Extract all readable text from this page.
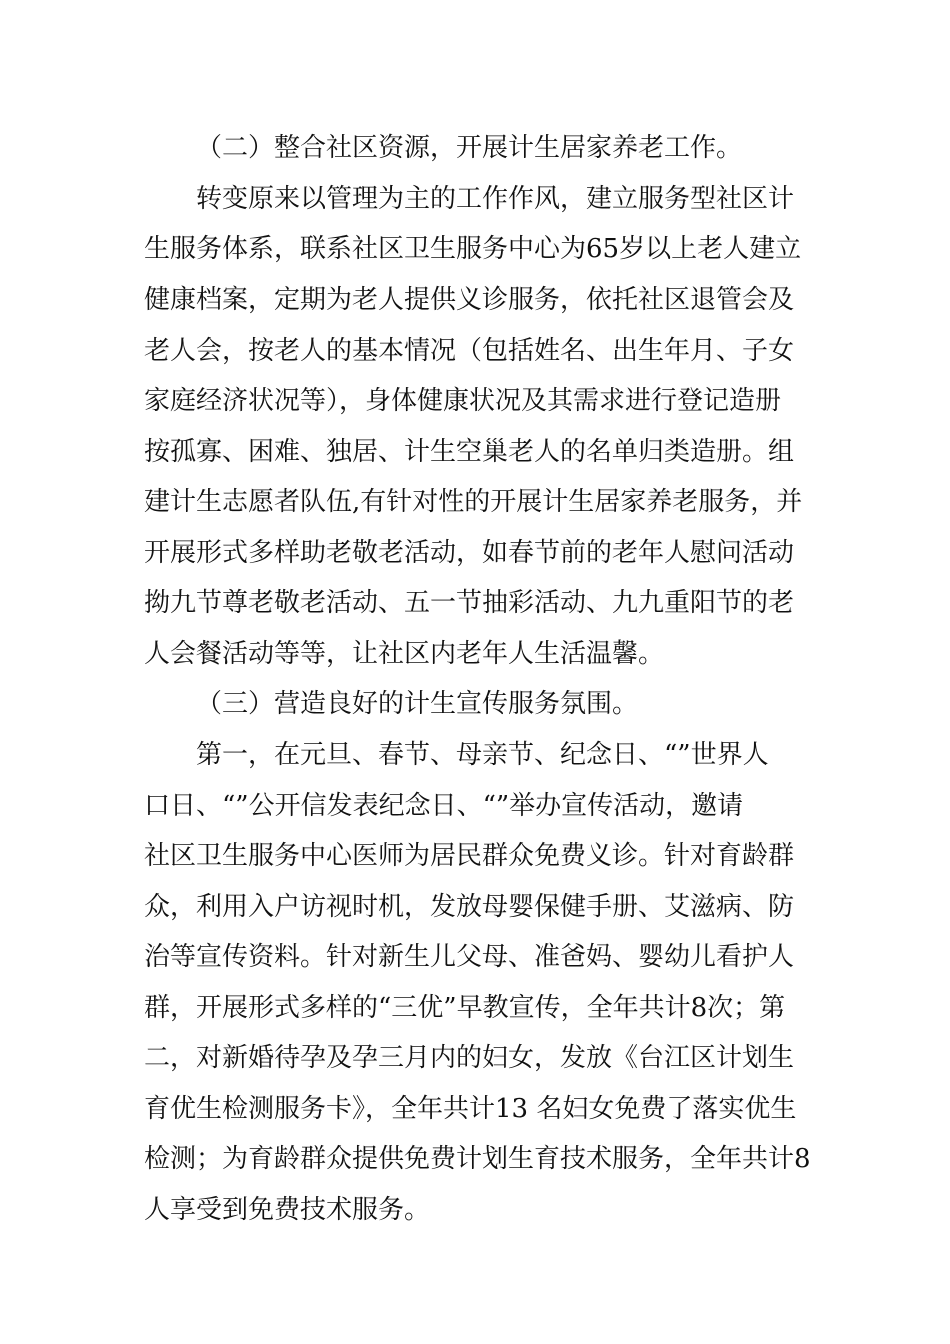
（二）整合社区资源，开展计生居家养老工作。
转变原来以管理为主的工作作风，建立服务型社区计
生服务体系，联系社区卫生服务中心为65岁以上老人建立
健康档案，定期为老人提供义诊服务，依托社区退管会及
老人会，按老人的基本情况（包括姓名、出生年月、子女
家庭经济状况等），身体健康状况及其需求进行登记造册
按孤寡、困难、独居、计生空巢老人的名单归类造册。组
建计生志愿者队伍,有针对性的开展计生居家养老服务，并
开展形式多样助老敬老活动，如春节前的老年人慰问活动
拗九节尊老敬老活动、五一节抽彩活动、九九重阳节的老
人会餐活动等等，让社区内老年人生活温馨。
（三）营造良好的计生宣传服务氛围。
第一，在元旦、春节、母亲节、纪念日、“”世界人
口日、“”公开信发表纪念日、“”举办宣传活动，邀请
社区卫生服务中心医师为居民群众免费义诊。针对育龄群
众，利用入户访视时机，发放母婴保健手册、艾滋病、防
治等宣传资料。针对新生儿父母、准爸妈、婴幼儿看护人
群，开展形式多样的“三优”早教宣传，全年共计8次；第
二，对新婚待孕及孕三月内的妇女，发放《台江区计划生
育优生检测服务卡》，全年共计13 名妇女免费了落实优生
检测；为育龄群众提供免费计划生育技术服务，全年共计8
人享受到免费技术服务。
